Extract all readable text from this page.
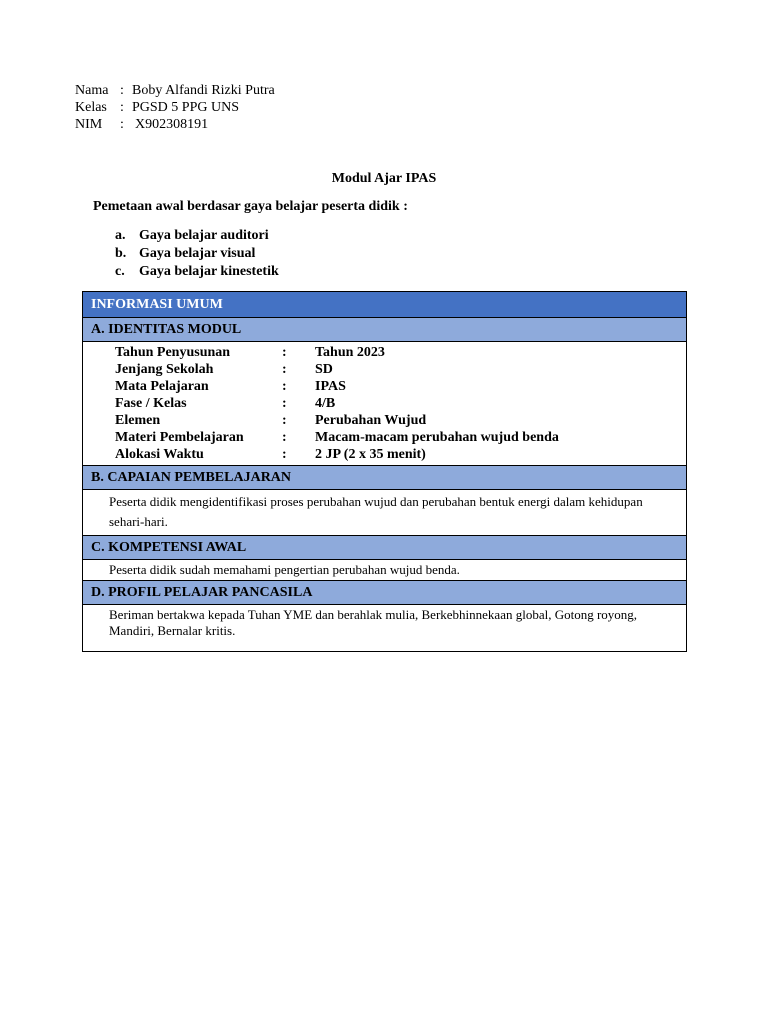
Nama : Boby Alfandi Rizki Putra
Kelas : PGSD 5 PPG UNS
NIM	: X902308191
Modul Ajar IPAS
Pemetaan awal berdasar gaya belajar peserta didik :
a. Gaya belajar auditori
b. Gaya belajar visual
c.	Gaya belajar kinestetik
INFORMASI UMUM
A. IDENTITAS MODUL
Tahun Penyusunan	:	Tahun 2023
Jenjang Sekolah	:	SD
Mata Pelajaran	:	IPAS
Fase / Kelas	:	4/B
Elemen	:	Perubahan Wujud
Materi Pembelajaran	:	Macam-macam perubahan wujud benda
Alokasi Waktu	:	2 JP (2 x 35 menit)
B. CAPAIAN PEMBELAJARAN
Peserta didik mengidentifikasi proses perubahan wujud dan perubahan bentuk energi dalam kehidupan sehari-hari.
C. KOMPETENSI AWAL
Peserta didik sudah memahami pengertian perubahan wujud benda.
D. PROFIL PELAJAR PANCASILA
Beriman bertakwa kepada Tuhan YME dan berahlak mulia, Berkebhinnekaan global, Gotong royong, Mandiri, Bernalar kritis.
